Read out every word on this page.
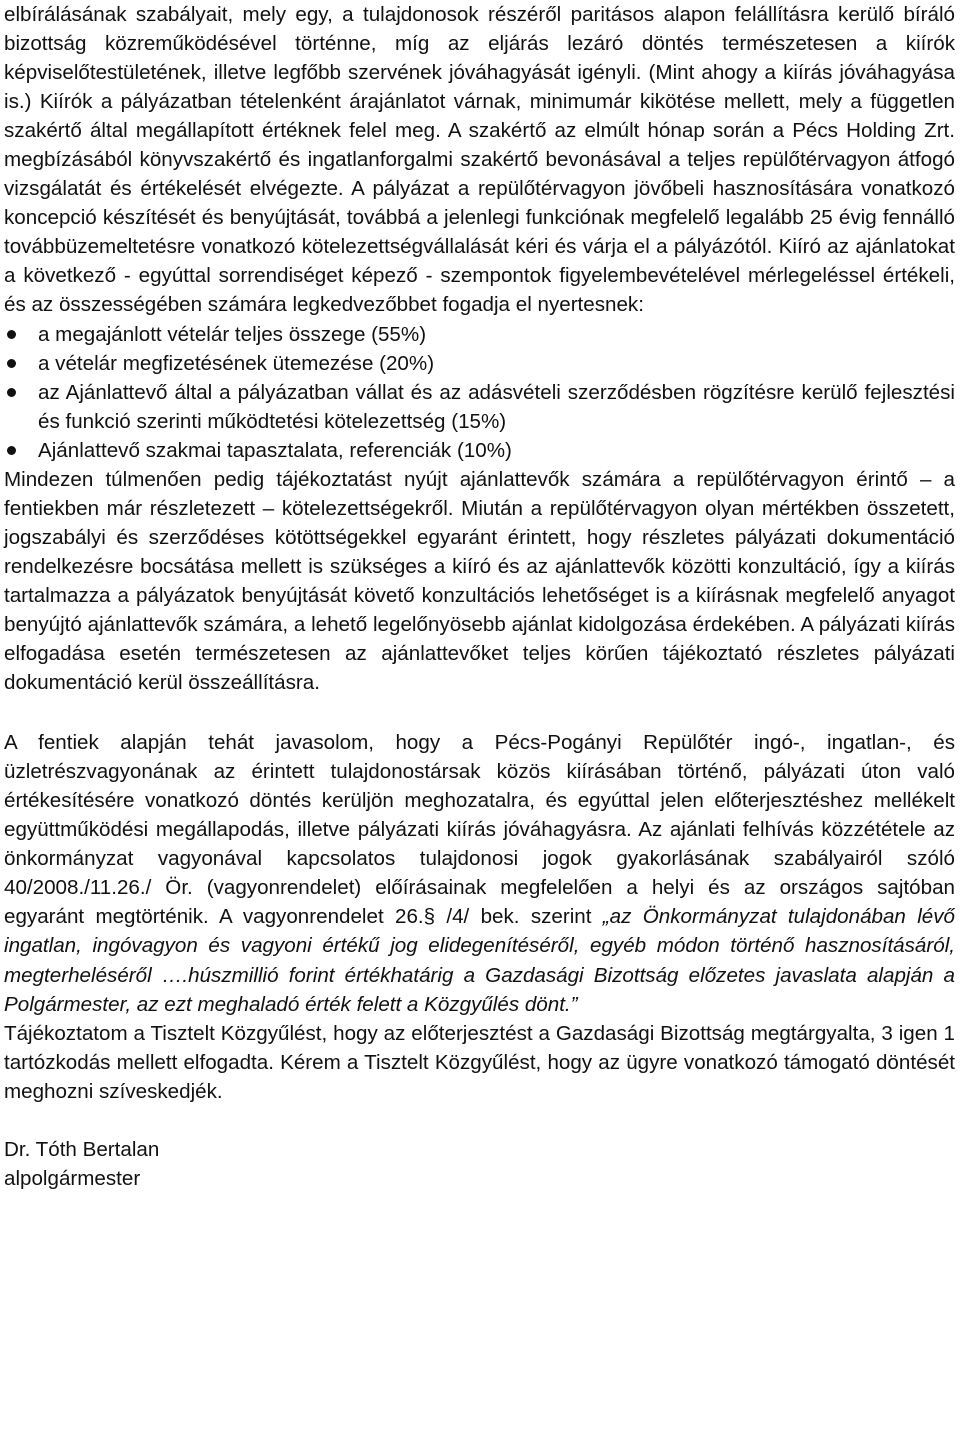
elbírálásának szabályait, mely egy, a tulajdonosok részéről paritásos alapon felállításra kerülő bíráló bizottság közreműködésével történne, míg az eljárás lezáró döntés természetesen a kiírók képviselőtestületének, illetve legfőbb szervének jóváhagyását igényli. (Mint ahogy a kiírás jóváhagyása is.) Kiírók a pályázatban tételenként árajánlatot várnak, minimumár kikötése mellett, mely a független szakértő által megállapított értéknek felel meg. A szakértő az elmúlt hónap során a Pécs Holding Zrt. megbízásából könyvszakértő és ingatlanforgalmi szakértő bevonásával a teljes repülőtérvagyon átfogó vizsgálatát és értékelését elvégezte. A pályázat a repülőtérvagyon jövőbeli hasznosítására vonatkozó koncepció készítését és benyújtását, továbbá a jelenlegi funkciónak megfelelő legalább 25 évig fennálló továbbüzemeltetésre vonatkozó kötelezettségvállalását kéri és várja el a pályázótól. Kiíró az ajánlatokat a következő - egyúttal sorrendiséget képező - szempontok figyelembevételével mérlegeléssel értékeli, és az összességében számára legkedvezőbbet fogadja el nyertesnek:

a megajánlott vételár teljes összege (55%)
a vételár megfizetésének ütemezése (20%)
az Ajánlattevő által a pályázatban vállat és az adásvételi szerződésben rögzítésre kerülő fejlesztési és funkció szerinti működtetési kötelezettség (15%)
Ajánlattevő szakmai tapasztalata, referenciák (10%)

Mindezen túlmenően pedig tájékoztatást nyújt ajánlattevők számára a repülőtérvagyon érintő – a fentiekben már részletezett – kötelezettségekről. Miután a repülőtérvagyon olyan mértékben összetett, jogszabályi és szerződéses kötöttségekkel egyaránt érintett, hogy részletes pályázati dokumentáció rendelkezésre bocsátása mellett is szükséges a kiíró és az ajánlattevők közötti konzultáció, így a kiírás tartalmazza a pályázatok benyújtását követő konzultációs lehetőséget is a kiírásnak megfelelő anyagot benyújtó ajánlattevők számára, a lehető legelőnyösebb ajánlat kidolgozása érdekében. A pályázati kiírás elfogadása esetén természetesen az ajánlattevőket teljes körűen tájékoztató részletes pályázati dokumentáció kerül összeállításra.

A fentiek alapján tehát javasolom, hogy a Pécs-Pogányi Repülőtér ingó-, ingatlan-, és üzletrészvagyonának az érintett tulajdonostársak közös kiírásában történő, pályázati úton való értékesítésére vonatkozó döntés kerüljön meghozatalra, és egyúttal jelen előterjesztéshez mellékelt együttműködési megállapodás, illetve pályázati kiírás jóváhagyásra. Az ajánlati felhívás közzététele az önkormányzat vagyonával kapcsolatos tulajdonosi jogok gyakorlásának szabályairól szóló 40/2008./11.26./ Ör. (vagyonrendelet) előírásainak megfelelően a helyi és az országos sajtóban egyaránt megtörténik. A vagyonrendelet 26.§ /4/ bek. szerint „az Önkormányzat tulajdonában lévő ingatlan, ingóvagyon és vagyoni értékű jog elidegenítéséről, egyéb módon történő hasznosításáról, megterheléséről ….húszmillió forint értékhatárig a Gazdasági Bizottság előzetes javaslata alapján a Polgármester, az ezt meghaladó érték felett a Közgyűlés dönt.”

Tájékoztatom a Tisztelt Közgyűlést, hogy az előterjesztést a Gazdasági Bizottság megtárgyalta, 3 igen 1 tartózkodás mellett elfogadta. Kérem a Tisztelt Közgyűlést, hogy az ügyre vonatkozó támogató döntését meghozni szíveskedjék.

Dr. Tóth Bertalan

alpolgármester
